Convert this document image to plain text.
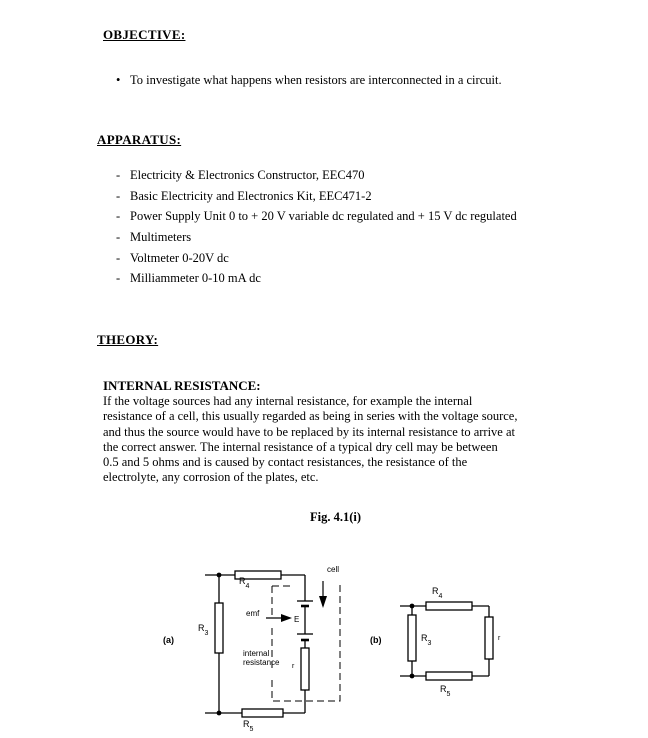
OBJECTIVE:
• To investigate what happens when resistors are interconnected in a circuit.
APPARATUS:
- Electricity & Electronics Constructor, EEC470
- Basic Electricity and Electronics Kit, EEC471-2
- Power Supply Unit 0 to + 20 V variable dc regulated and + 15 V dc regulated
- Multimeters
- Voltmeter 0-20V dc
- Milliammeter 0-10 mA dc
THEORY:
INTERNAL RESISTANCE:
If the voltage sources had any internal resistance, for example the internal
resistance of a cell, this usually regarded as being in series with the voltage source,
and thus the source would have to be replaced by its internal resistance to arrive at
the correct answer. The internal resistance of a typical dry cell may be between
0.5 and 5 ohms and is caused by contact resistances, the resistance of the
electrolyte, any corrosion of the plates, etc.
Fig. 4.1(i)
(a)
$R_4$
$R_3$
$R_5$
cell
emf
E
internal
resistance r
(b)
$R_4$
$R_3$
$R_5$
r
